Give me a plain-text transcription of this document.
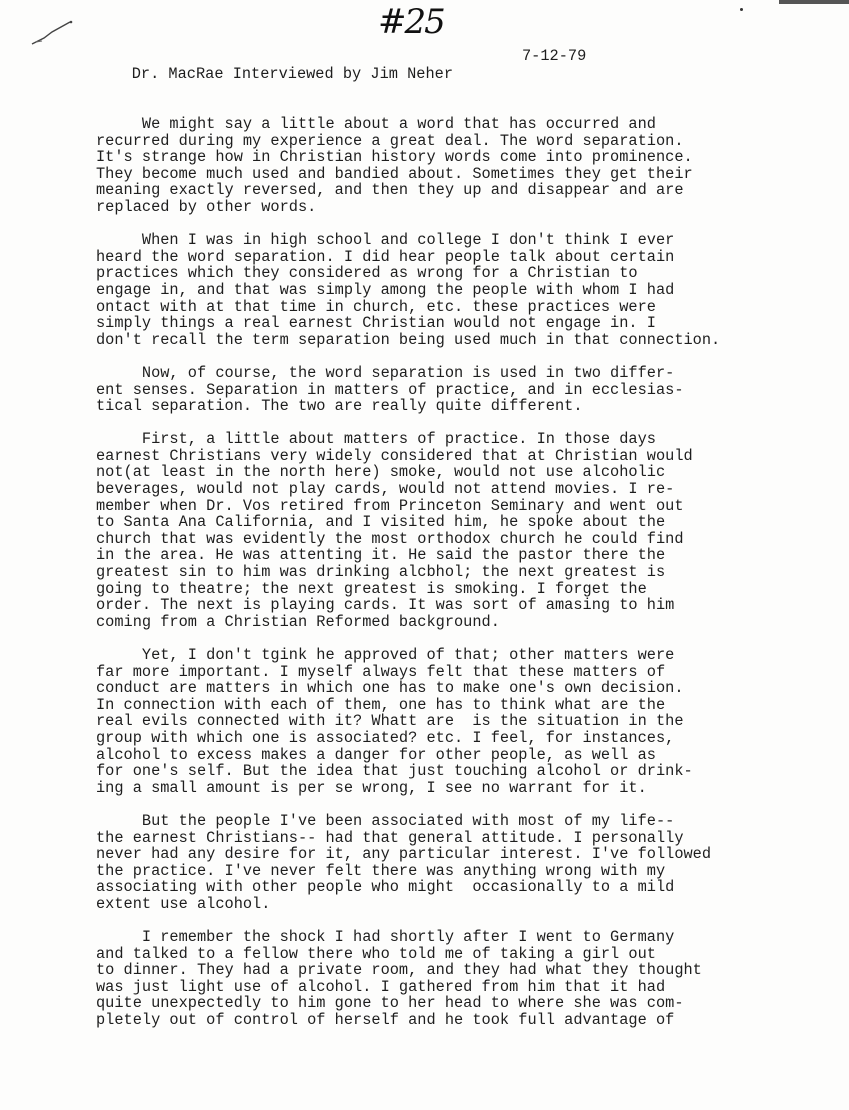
#25

Dr. MacRae Interviewed by Jim Neher

7-12-79

We might say a little about a word that has occurred and
recurred during my experience a great deal. The word separation.
It's strange how in Christian history words come into prominence.
They become much used and bandied about. Sometimes they get their
meaning exactly reversed, and then they up and disappear and are
replaced by other words.
When I was in high school and college I don't think I ever
heard the word separation. I did hear people talk about certain
practices which they considered as wrong for a Christian to
engage in, and that was simply among the people with whom I had
ontact with at that time in church, etc. these practices were
simply things a real earnest Christian would not engage in. I
don't recall the term separation being used much in that connection.
Now, of course, the word separation is used in two differ-
ent senses. Separation in matters of practice, and in ecclesias-
tical separation. The two are really quite different.
First, a little about matters of practice. In those days
earnest Christians very widely considered that at Christian would
not(at least in the north here) smoke, would not use alcoholic
beverages, would not play cards, would not attend movies. I re-
member when Dr. Vos retired from Princeton Seminary and went out
to Santa Ana California, and I visited him, he spoke about the
church that was evidently the most orthodox church he could find
in the area. He was attenting it. He said the pastor there the
greatest sin to him was drinking alcbhol; the next greatest is
going to theatre; the next greatest is smoking. I forget the
order. The next is playing cards. It was sort of amasing to him
coming from a Christian Reformed background.
Yet, I don't tgink he approved of that; other matters were
far more important. I myself always felt that these matters of
conduct are matters in which one has to make one's own decision.
In connection with each of them, one has to think what are the
real evils connected with it? Whatt are  is the situation in the
group with which one is associated? etc. I feel, for instances,
alcohol to excess makes a danger for other people, as well as
for one's self. But the idea that just touching alcohol or drink-
ing a small amount is per se wrong, I see no warrant for it.
But the people I've been associated with most of my life--
the earnest Christians-- had that general attitude. I personally
never had any desire for it, any particular interest. I've followed
the practice. I've never felt there was anything wrong with my
associating with other people who might  occasionally to a mild
extent use alcohol.
I remember the shock I had shortly after I went to Germany
and talked to a fellow there who told me of taking a girl out
to dinner. They had a private room, and they had what they thought
was just light use of alcohol. I gathered from him that it had
quite unexpectedly to him gone to her head to where she was com-
pletely out of control of herself and he took full advantage of
